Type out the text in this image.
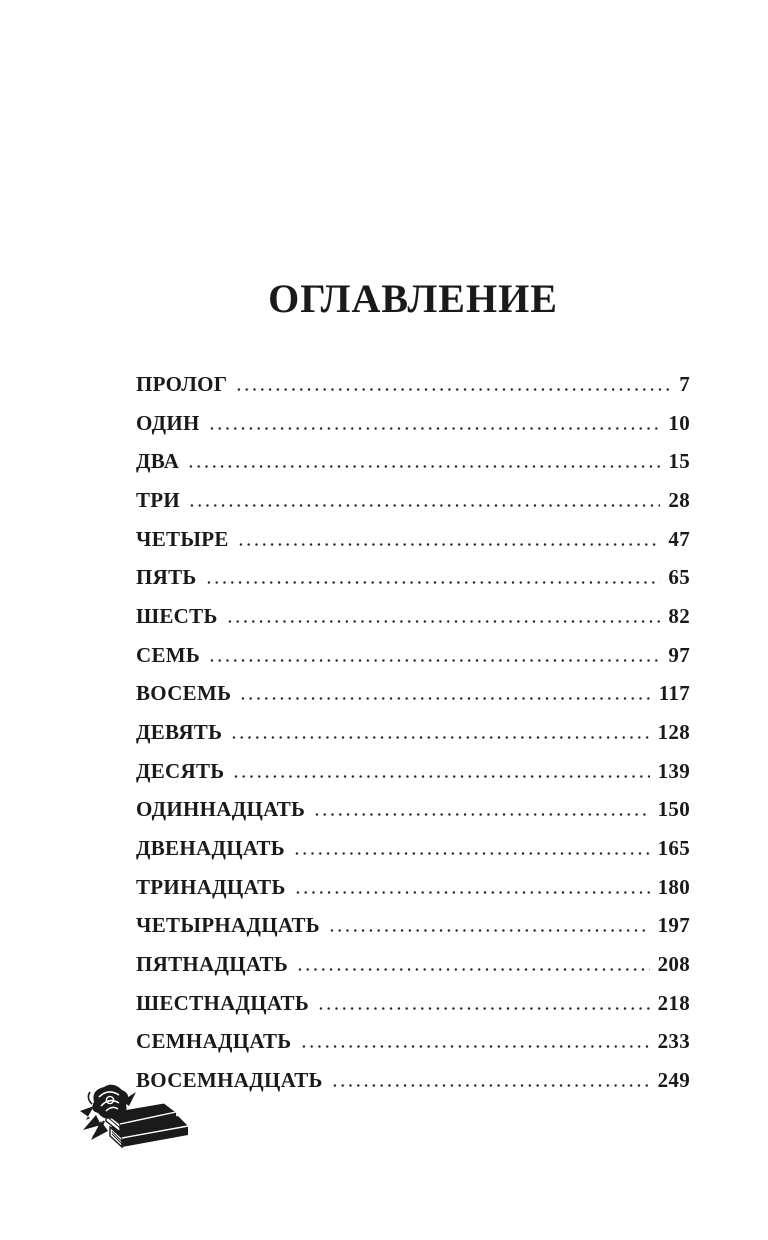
ОГЛАВЛЕНИЕ
ПРОЛОГ	7
ОДИН	10
ДВА	15
ТРИ	28
ЧЕТЫРЕ	47
ПЯТЬ	65
ШЕСТЬ	82
СЕМЬ	97
ВОСЕМЬ	117
ДЕВЯТЬ	128
ДЕСЯТЬ	139
ОДИННАДЦАТЬ	150
ДВЕНАДЦАТЬ	165
ТРИНАДЦАТЬ	180
ЧЕТЫРНАДЦАТЬ	197
ПЯТНАДЦАТЬ	208
ШЕСТНАДЦАТЬ	218
СЕМНАДЦАТЬ	233
ВОСЕМНАДЦАТЬ	249
